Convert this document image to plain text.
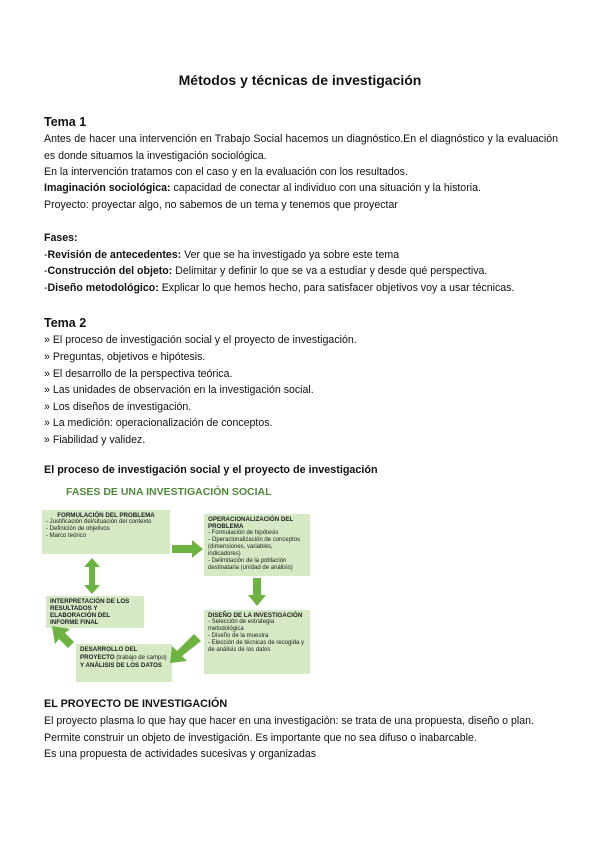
Métodos y técnicas de investigación
Tema 1
Antes de hacer una intervención en Trabajo Social hacemos un diagnóstico.En el diagnóstico y la evaluación es donde situamos la investigación sociológica.
En la intervención tratamos con el caso y en la evaluación con los resultados.
Imaginación sociológica: capacidad de conectar al individuo con una situación y la historia.
Proyecto: proyectar algo, no sabemos de un tema y tenemos que proyectar
Fases:
-Revisión de antecedentes: Ver que se ha investigado ya sobre este tema
-Construcción del objeto: Delimitar y definir lo que se va a estudiar y desde qué perspectiva.
-Diseño metodológico: Explicar lo que hemos hecho, para satisfacer objetivos voy a usar técnicas.
Tema 2
» El proceso de investigación social y el proyecto de investigación.
» Preguntas, objetivos e hipótesis.
» El desarrollo de la perspectiva teórica.
» Las unidades de observación en la investigación social.
» Los diseños de investigación.
» La medición: operacionalización de conceptos.
» Fiabilidad y validez.
El proceso de investigación social y el proyecto de investigación
FASES DE UNA INVESTIGACIÓN SOCIAL
FORMULACIÓN DEL PROBLEMA
- Justificación del/situación del contexto
- Definición de objetivos
- Marco teórico
OPERACIONALIZACIÓN DEL PROBLEMA
- Formulación de hipótesis
- Operacionalización de conceptos (dimensiones, variables, indicadores)
- Delimitación de la población destinataria (unidad de análisis)
INTERPRETACIÓN DE LOS RESULTADOS Y ELABORACIÓN DEL INFORME FINAL
DISEÑO DE LA INVESTIGACIÓN
- Selección de estrategia metodológica
- Diseño de la muestra
- Elección de técnicas de recogida y de análisis de los datos
DESARROLLO DEL PROYECTO (trabajo de campo) Y ANÁLISIS DE LOS DATOS
EL PROYECTO DE INVESTIGACIÓN
El proyecto plasma lo que hay que hacer en una investigación: se trata de una propuesta, diseño o plan.
Permite construir un objeto de investigación. Es importante que no sea difuso o inabarcable.
Es una propuesta de actividades sucesivas y organizadas
